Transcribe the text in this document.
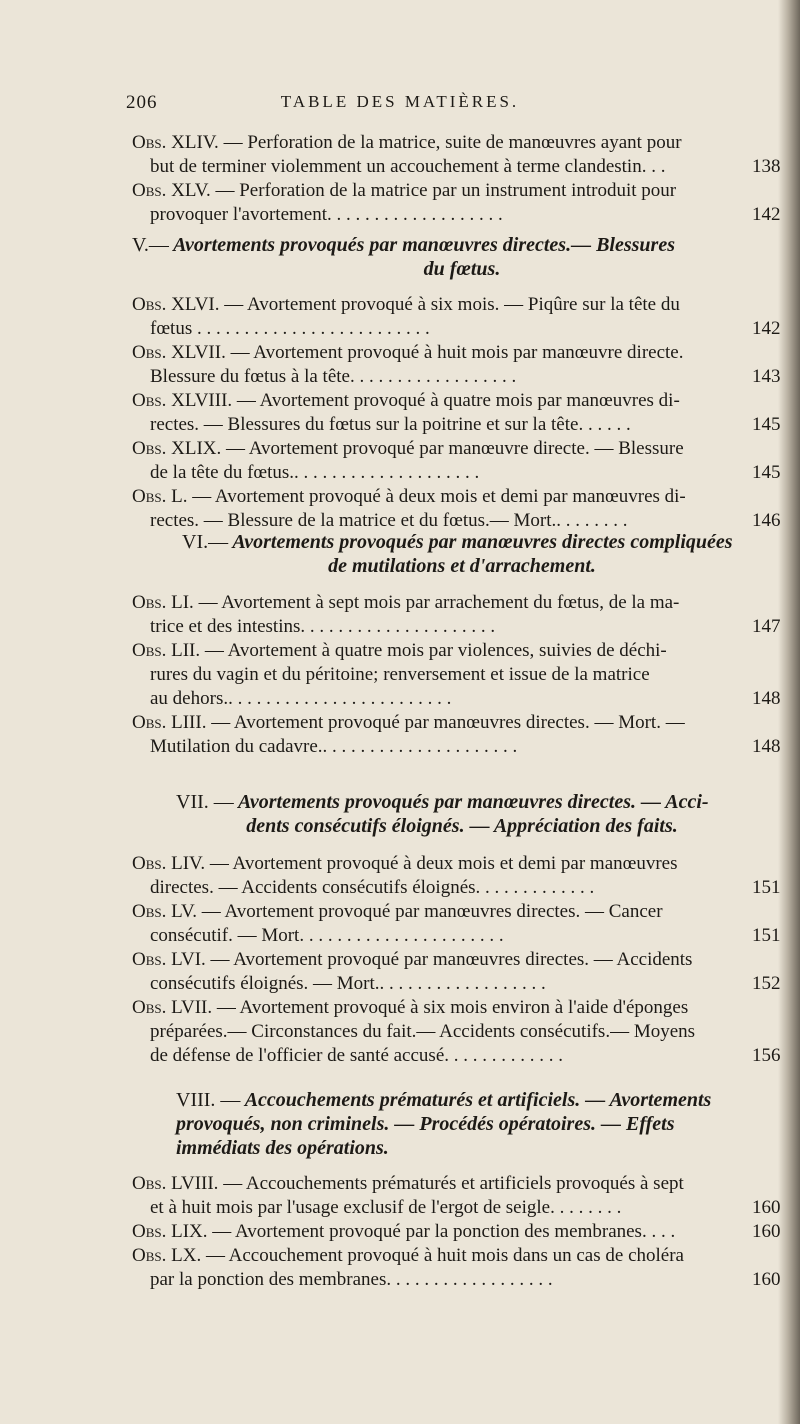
206	TABLE DES MATIÈRES.
Obs. XLIV. — Perforation de la matrice, suite de manœuvres ayant pour
but de terminer violemment un accouchement à terme clandestin. . .	138
Obs. XLV. — Perforation de la matrice par un instrument introduit pour
provoquer l'avortement. . . . . . . . . . . . . . . . . . .	142
V.— Avortements provoqués par manœuvres directes.— Blessures
du fœtus.
Obs. XLVI. — Avortement provoqué à six mois. — Piqûre sur la tête du
fœtus . . . . . . . . . . . . . . . . . . . . . . . . .	142
Obs. XLVII. — Avortement provoqué à huit mois par manœuvre directe.
Blessure du fœtus à la tête. . . . . . . . . . . . . . . . . .	143
Obs. XLVIII. — Avortement provoqué à quatre mois par manœuvres di-
rectes. — Blessures du fœtus sur la poitrine et sur la tête. . . . . .	145
Obs. XLIX. — Avortement provoqué par manœuvre directe. — Blessure
de la tête du fœtus.. . . . . . . . . . . . . . . . . . . .	145
Obs. L. — Avortement provoqué à deux mois et demi par manœuvres di-
rectes. — Blessure de la matrice et du fœtus.— Mort.. . . . . . . .	146
VI.— Avortements provoqués par manœuvres directes compliquées
de mutilations et d'arrachement.
Obs. LI. — Avortement à sept mois par arrachement du fœtus, de la ma-
trice et des intestins. . . . . . . . . . . . . . . . . . . . .	147
Obs. LII. — Avortement à quatre mois par violences, suivies de déchi-
rures du vagin et du péritoine; renversement et issue de la matrice
au dehors.. . . . . . . . . . . . . . . . . . . . . . . .	148
Obs. LIII. — Avortement provoqué par manœuvres directes. — Mort. —
Mutilation du cadavre.. . . . . . . . . . . . . . . . . . . . .	148
VII. — Avortements provoqués par manœuvres directes. — Acci-
dents consécutifs éloignés. — Appréciation des faits.
Obs. LIV. — Avortement provoqué à deux mois et demi par manœuvres
directes. — Accidents consécutifs éloignés. . . . . . . . . . . . .	151
Obs. LV. — Avortement provoqué par manœuvres directes. — Cancer
consécutif. — Mort. . . . . . . . . . . . . . . . . . . . . .	151
Obs. LVI. — Avortement provoqué par manœuvres directes. — Accidents
consécutifs éloignés. — Mort.. . . . . . . . . . . . . . . . . .	152
Obs. LVII. — Avortement provoqué à six mois environ à l'aide d'éponges
préparées.— Circonstances du fait.— Accidents consécutifs.— Moyens
de défense de l'officier de santé accusé. . . . . . . . . . . . .	156
VIII. — Accouchements prématurés et artificiels. — Avortements
provoqués, non criminels. — Procédés opératoires. — Effets
immédiats des opérations.
Obs. LVIII. — Accouchements prématurés et artificiels provoqués à sept
et à huit mois par l'usage exclusif de l'ergot de seigle. . . . . . . .	160
Obs. LIX. — Avortement provoqué par la ponction des membranes. . . .	160
Obs. LX. — Accouchement provoqué à huit mois dans un cas de choléra
par la ponction des membranes. . . . . . . . . . . . . . . . . .	160
